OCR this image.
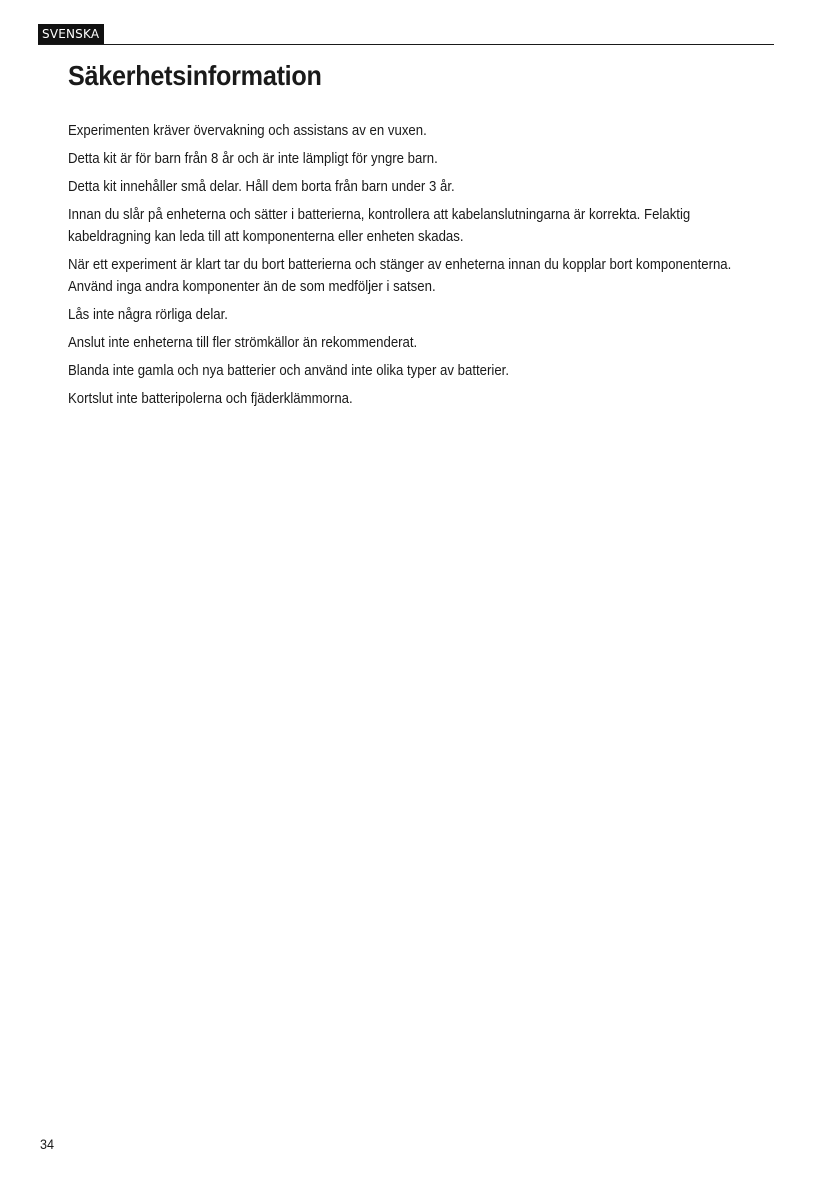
SVENSKA
Säkerhetsinformation

Experimenten kräver övervakning och assistans av en vuxen.

Detta kit är för barn från 8 år och är inte lämpligt för yngre barn.

Detta kit innehåller små delar. Håll dem borta från barn under 3 år.

Innan du slår på enheterna och sätter i batterierna, kontrollera att kabelanslutningarna är korrekta. Felaktig kabeldragning kan leda till att komponenterna eller enheten skadas.

När ett experiment är klart tar du bort batterierna och stänger av enheterna innan du kopplar bort komponenterna. Använd inga andra komponenter än de som medföljer i satsen.

Lås inte några rörliga delar.

Anslut inte enheterna till fler strömkällor än rekommenderat.

Blanda inte gamla och nya batterier och använd inte olika typer av batterier.

Kortslut inte batteripolerna och fjäderklämmorna.

34
